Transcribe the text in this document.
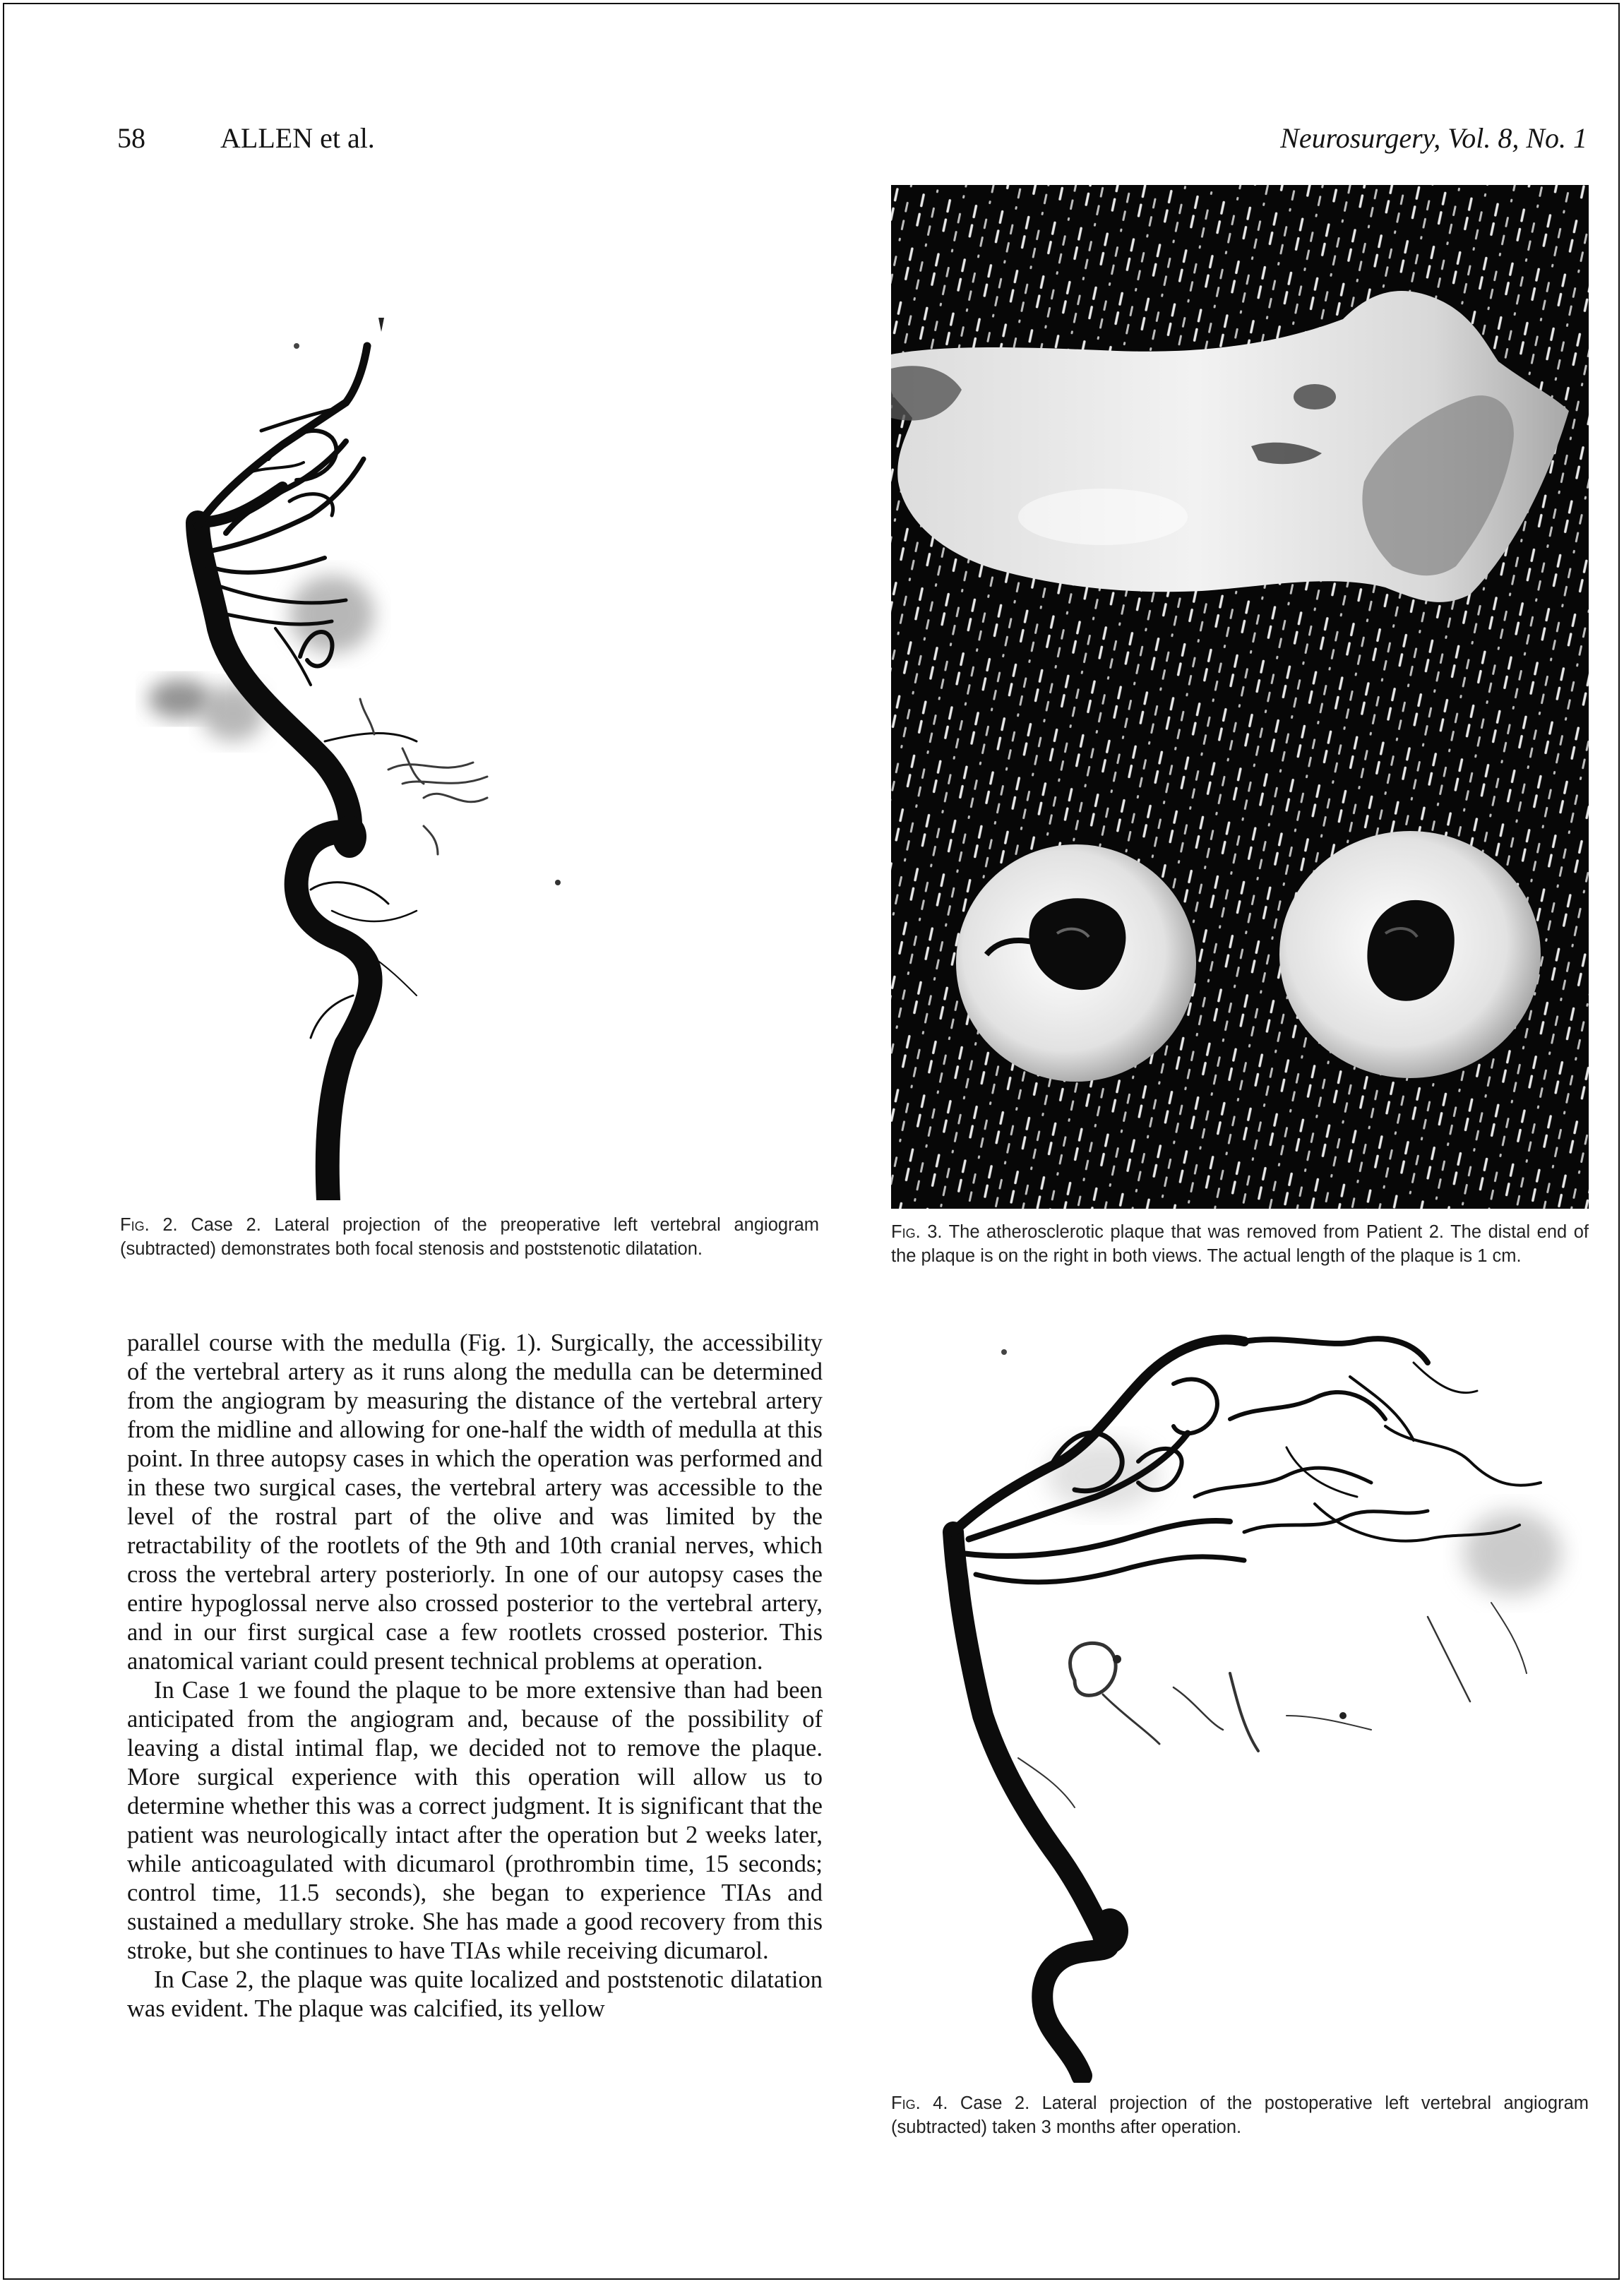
58	ALLEN et al.	Neurosurgery, Vol. 8, No. 1
Fig. 2. Case 2. Lateral projection of the preoperative left vertebral angiogram (subtracted) demonstrates both focal stenosis and poststenotic dilatation.
Fig. 3. The atherosclerotic plaque that was removed from Patient 2. The distal end of the plaque is on the right in both views. The actual length of the plaque is 1 cm.
Fig. 4. Case 2. Lateral projection of the postoperative left vertebral angiogram (subtracted) taken 3 months after operation.

parallel course with the medulla (Fig. 1). Surgically, the accessibility of the vertebral artery as it runs along the medulla can be determined from the angiogram by measuring the distance of the vertebral artery from the midline and allowing for one-half the width of medulla at this point. In three autopsy cases in which the operation was performed and in these two surgical cases, the vertebral artery was accessible to the level of the rostral part of the olive and was limited by the retractability of the rootlets of the 9th and 10th cranial nerves, which cross the vertebral artery posteriorly. In one of our autopsy cases the entire hypoglossal nerve also crossed posterior to the vertebral artery, and in our first surgical case a few rootlets crossed posterior. This anatomical variant could present technical problems at operation.

In Case 1 we found the plaque to be more extensive than had been anticipated from the angiogram and, because of the possibility of leaving a distal intimal flap, we decided not to remove the plaque. More surgical experience with this operation will allow us to determine whether this was a correct judgment. It is significant that the patient was neurologically intact after the operation but 2 weeks later, while anticoagulated with dicumarol (prothrombin time, 15 seconds; control time, 11.5 seconds), she began to experience TIAs and sustained a medullary stroke. She has made a good recovery from this stroke, but she continues to have TIAs while receiving dicumarol.

In Case 2, the plaque was quite localized and poststenotic dilatation was evident. The plaque was calcified, its yellow
